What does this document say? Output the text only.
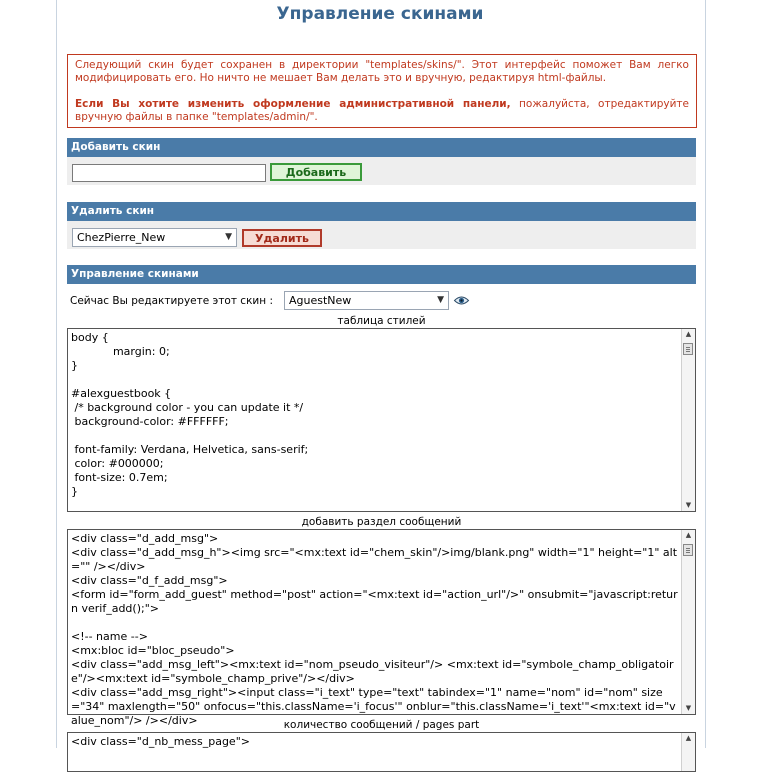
Управление скинами

Следующий скин будет сохранен в директории "templates/skins/". Этот интерфейс поможет Вам легко модифицировать его. Но ничто не мешает Вам делать это и вручную, редактируя html-файлы.

Если Вы хотите изменить оформление административной панели, пожалуйста, отредактируйте вручную файлы в папке "templates/admin/".

Добавить скин
Добавить
Удалить скин
ChezPierre_New	▼	Удалить
Управление скинами
Сейчас Вы редактируете этот скин :	AguestNew	▼
таблица стилей
body {
margin: 0;
}

#alexguestbook {
/* background color - you can update it */
background-color: #FFFFFF;

font-family: Verdana, Helvetica, sans-serif;
color: #000000;
font-size: 0.7em;
}
▲
▼
добавить раздел сообщений
<div class="d_add_msg">
<div class="d_add_msg_h"><img src="<mx:text id="chem_skin"/>img/blank.png" width="1" height="1" alt="" /></div>
<div class="d_f_add_msg">
<form id="form_add_guest" method="post" action="<mx:text id="action_url"/>" onsubmit="javascript:return verif_add();">

<!-- name -->
<mx:bloc id="bloc_pseudo">
<div class="add_msg_left"><mx:text id="nom_pseudo_visiteur"/> <mx:text id="symbole_champ_obligatoire"/><mx:text id="symbole_champ_prive"/></div>
<div class="add_msg_right"><input class="i_text" type="text" tabindex="1" name="nom" id="nom" size="34" maxlength="50" onfocus="this.className='i_focus'" onblur="this.className='i_text'"<mx:text id="value_nom"/> /></div>
▲
▼
количество сообщений / pages part
<div class="d_nb_mess_page">	▲
